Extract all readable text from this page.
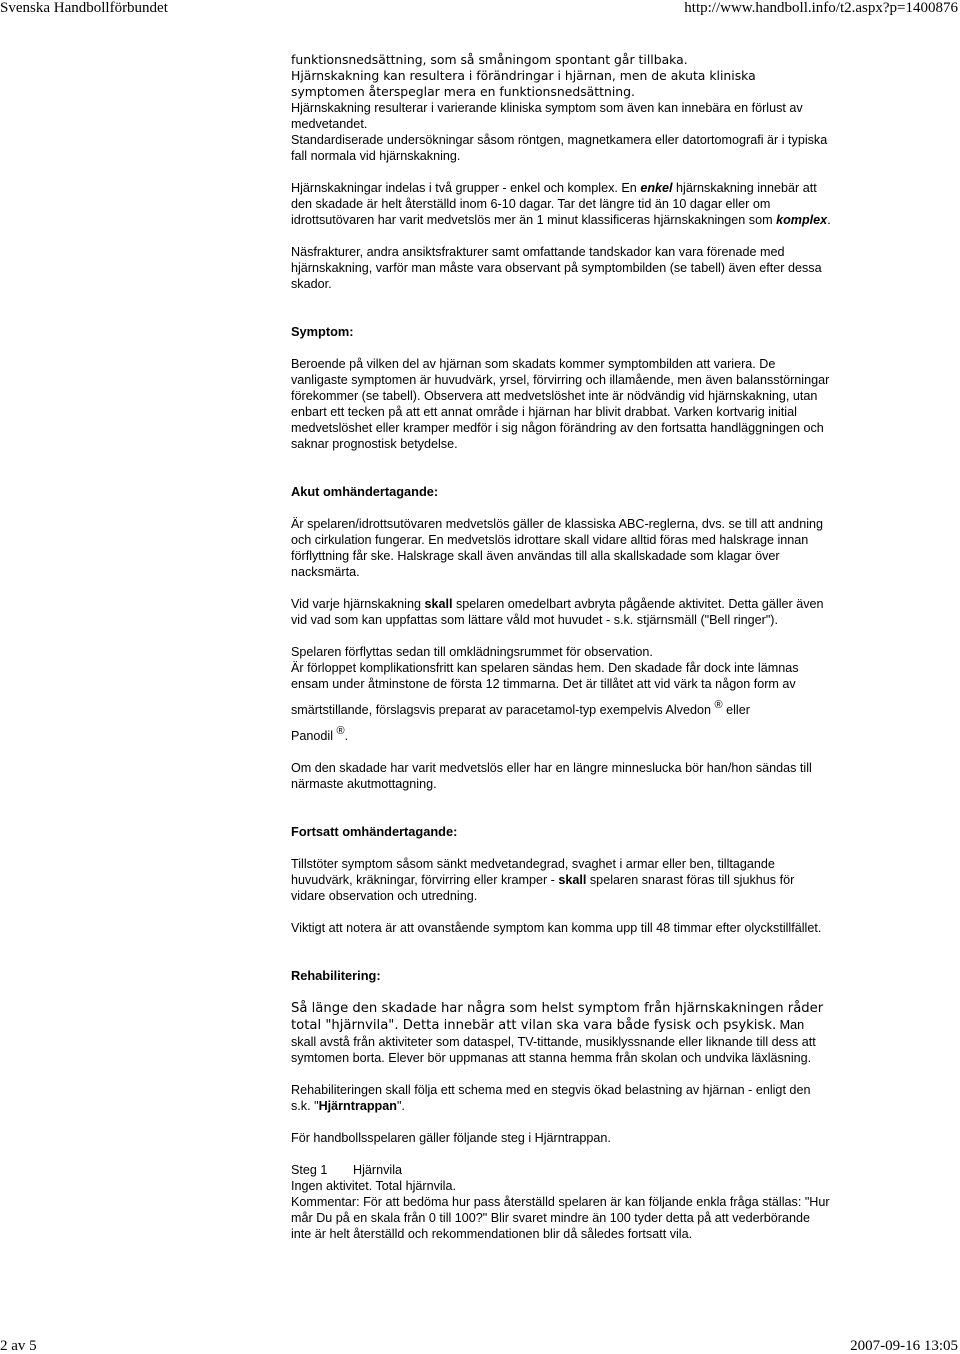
Svenska Handbollförbundet	http://www.handboll.info/t2.aspx?p=1400876

funktionsnedsättning, som så småningom spontant går tillbaka.

Hjärnskakning kan resultera i förändringar i hjärnan, men de akuta kliniska symptomen återspeglar mera en funktionsnedsättning.

Hjärnskakning resulterar i varierande kliniska symptom som även kan innebära en förlust av medvetandet.

Standardiserade undersökningar såsom röntgen, magnetkamera eller datortomografi är i typiska fall normala vid hjärnskakning.

Hjärnskakningar indelas i två grupper - enkel och komplex. En enkel hjärnskakning innebär att den skadade är helt återställd inom 6-10 dagar. Tar det längre tid än 10 dagar eller om idrottsutövaren har varit medvetslös mer än 1 minut klassificeras hjärnskakningen som komplex.

Näsfrakturer, andra ansiktsfrakturer samt omfattande tandskador kan vara förenade med hjärnskakning, varför man måste vara observant på symptombilden (se tabell) även efter dessa skador.

Symptom:

Beroende på vilken del av hjärnan som skadats kommer symptombilden att variera. De vanligaste symptomen är huvudvärk, yrsel, förvirring och illamående, men även balansstörningar förekommer (se tabell). Observera att medvetslöshet inte är nödvändig vid hjärnskakning, utan enbart ett tecken på att ett annat område i hjärnan har blivit drabbat. Varken kortvarig initial medvetslöshet eller kramper medför i sig någon förändring av den fortsatta handläggningen och saknar prognostisk betydelse.

Akut omhändertagande:

Är spelaren/idrottsutövaren medvetslös gäller de klassiska ABC-reglerna, dvs. se till att andning och cirkulation fungerar. En medvetslös idrottare skall vidare alltid föras med halskrage innan förflyttning får ske. Halskrage skall även användas till alla skallskadade som klagar över nacksmärta.

Vid varje hjärnskakning skall spelaren omedelbart avbryta pågående aktivitet. Detta gäller även vid vad som kan uppfattas som lättare våld mot huvudet - s.k. stjärnsmäll ("Bell ringer").

Spelaren förflyttas sedan till omklädningsrummet för observation.
Är förloppet komplikationsfritt kan spelaren sändas hem. Den skadade får dock inte lämnas ensam under åtminstone de första 12 timmarna. Det är tillåtet att vid värk ta någon form av
smärtstillande, förslagsvis preparat av paracetamol-typ exempelvis Alvedon ® eller
Panodil ®.

Om den skadade har varit medvetslös eller har en längre minneslucka bör han/hon sändas till närmaste akutmottagning.

Fortsatt omhändertagande:

Tillstöter symptom såsom sänkt medvetandegrad, svaghet i armar eller ben, tilltagande huvudvärk, kräkningar, förvirring eller kramper - skall spelaren snarast föras till sjukhus för vidare observation och utredning.

Viktigt att notera är att ovanstående symptom kan komma upp till 48 timmar efter olyckstillfället.

Rehabilitering:

Så länge den skadade har några som helst symptom från hjärnskakningen råder total "hjärnvila". Detta innebär att vilan ska vara både fysisk och psykisk. Man skall avstå från aktiviteter som dataspel, TV-tittande, musiklyssnande eller liknande till dess att symtomen borta. Elever bör uppmanas att stanna hemma från skolan och undvika läxläsning.

Rehabiliteringen skall följa ett schema med en stegvis ökad belastning av hjärnan - enligt den s.k. "Hjärntrappan".

För handbollsspelaren gäller följande steg i Hjärntrappan.

Steg 1 Hjärnvila
Ingen aktivitet. Total hjärnvila.
Kommentar: För att bedöma hur pass återställd spelaren är kan följande enkla fråga ställas: "Hur mår Du på en skala från 0 till 100?" Blir svaret mindre än 100 tyder detta på att vederbörande inte är helt återställd och rekommendationen blir då således fortsatt vila.

2 av 5	2007-09-16 13:05
